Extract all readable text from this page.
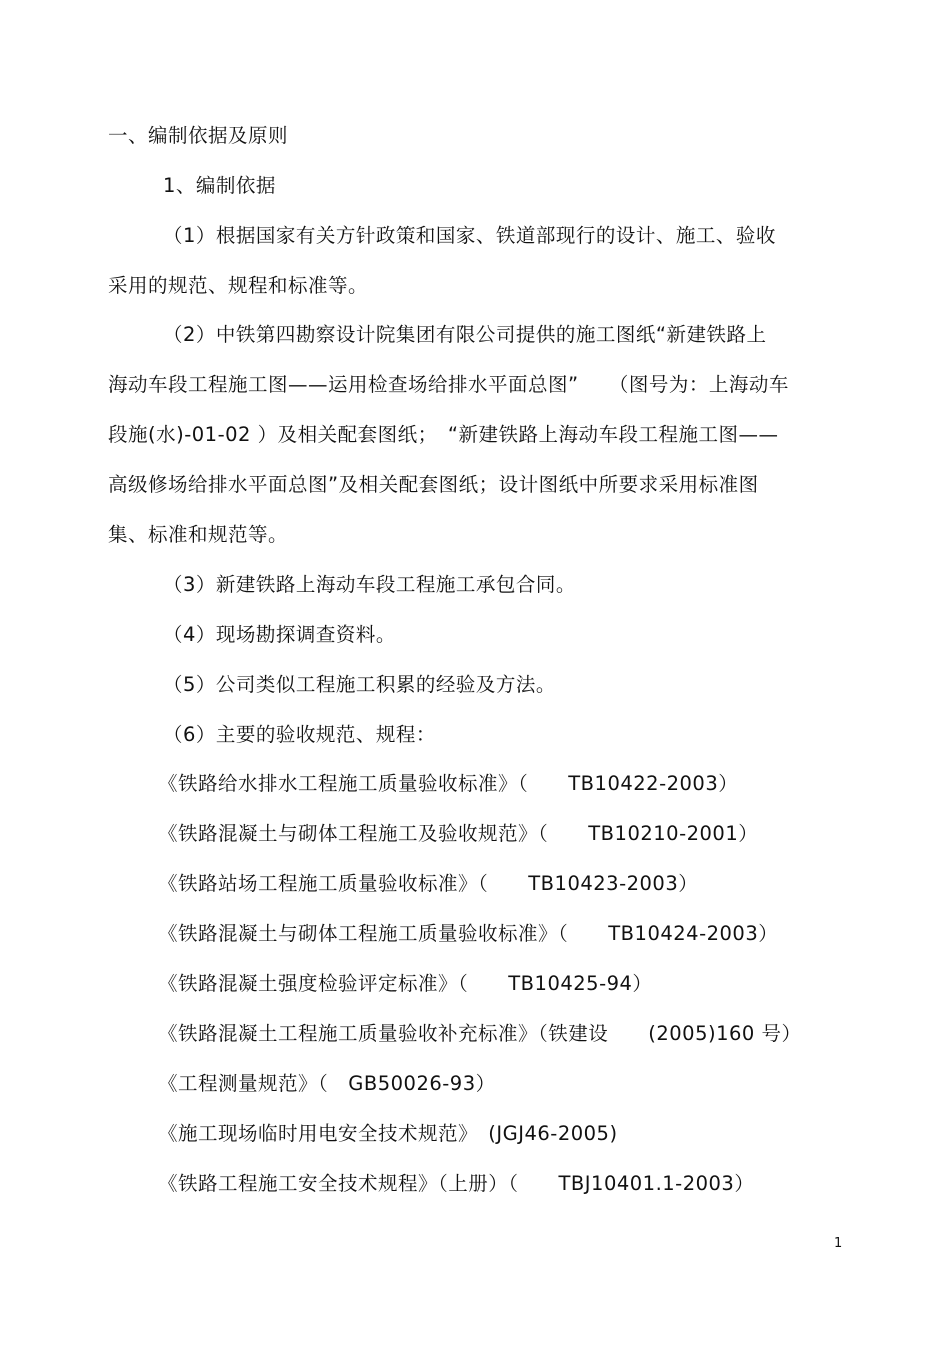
一、编制依据及原则
1、编制依据
（1）根据国家有关方针政策和国家、铁道部现行的设计、施工、验收
采用的规范、规程和标准等。
（2）中铁第四勘察设计院集团有限公司提供的施工图纸“新建铁路上
海动车段工程施工图——运用检查场给排水平面总图”　　（图号为：上海动车
段施(水)-01-02 ）及相关配套图纸；　“新建铁路上海动车段工程施工图——
高级修场给排水平面总图”及相关配套图纸；设计图纸中所要求采用标准图
集、标准和规范等。
（3）新建铁路上海动车段工程施工承包合同。
（4）现场勘探调查资料。
（5）公司类似工程施工积累的经验及方法。
（6）主要的验收规范、规程：
《铁路给水排水工程施工质量验收标准》（　　TB10422-2003）
《铁路混凝土与砌体工程施工及验收规范》（　　TB10210-2001）
《铁路站场工程施工质量验收标准》（　　TB10423-2003）
《铁路混凝土与砌体工程施工质量验收标准》（　　TB10424-2003）
《铁路混凝土强度检验评定标准》（　　TB10425-94）
《铁路混凝土工程施工质量验收补充标准》（铁建设　　(2005)160 号）
《工程测量规范》（　GB50026-93）
《施工现场临时用电安全技术规范》　(JGJ46-2005)
《铁路工程施工安全技术规程》（上册）（　　TBJ10401.1-2003）
1
